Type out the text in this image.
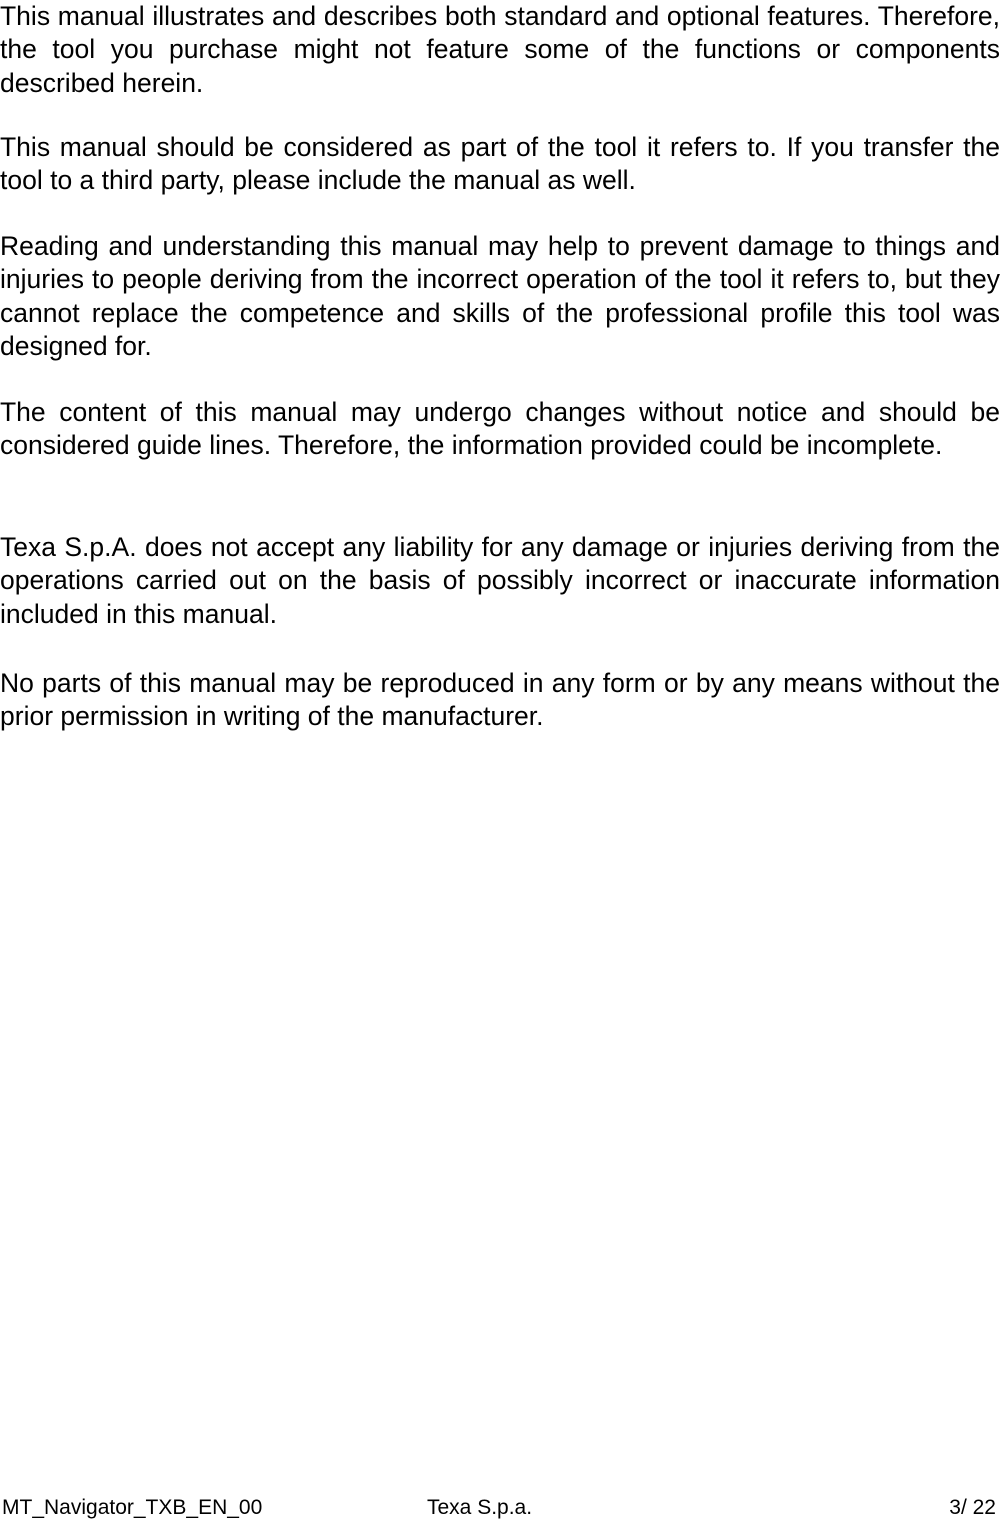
This manual illustrates and describes both standard and optional features. Therefore, the tool you purchase might not feature some of the functions or components described herein.

This manual should be considered as part of the tool it refers to. If you transfer the tool to a third party, please include the manual as well.

Reading and understanding this manual may help to prevent damage to things and injuries to people deriving from the incorrect operation of the tool it refers to, but they cannot replace the competence and skills of the professional profile this tool was designed for.

The content of this manual may undergo changes without notice and should be considered guide lines. Therefore, the information provided could be incomplete.

Texa S.p.A. does not accept any liability for any damage or injuries deriving from the operations carried out on the basis of possibly incorrect or inaccurate information included in this manual.

No parts of this manual may be reproduced in any form or by any means without the prior permission in writing of the manufacturer.

MT_Navigator_TXB_EN_00	Texa S.p.a.	3/ 22
